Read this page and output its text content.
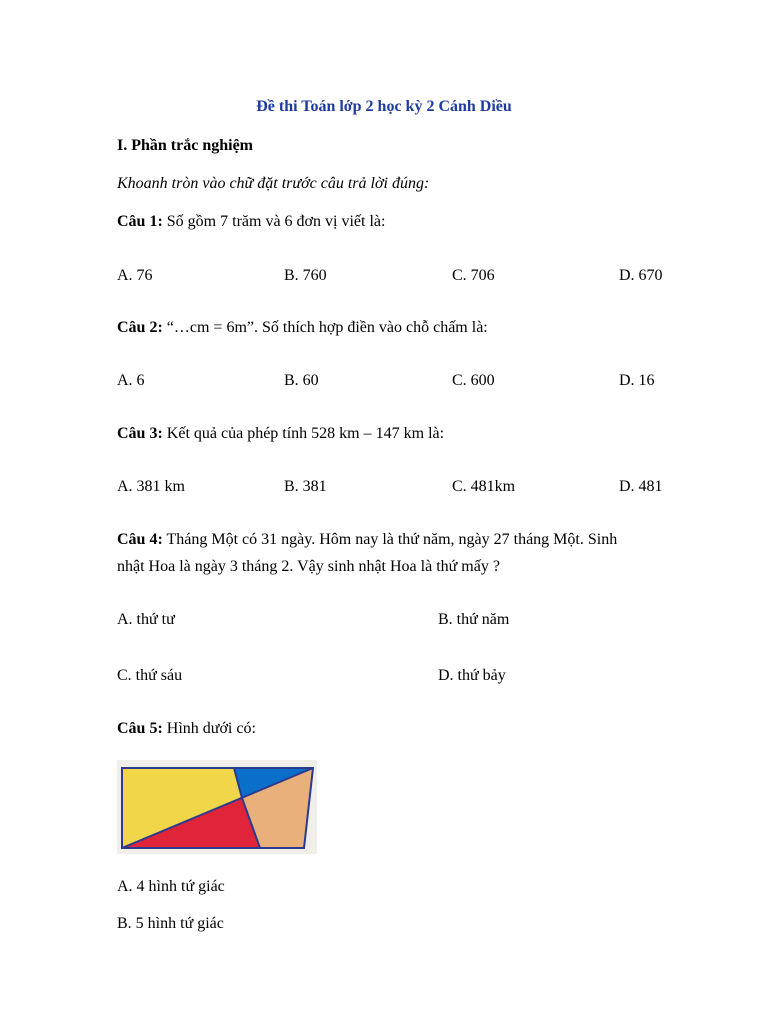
Đề thi Toán lớp 2 học kỳ 2 Cánh Diều
I. Phần trắc nghiệm
Khoanh tròn vào chữ đặt trước câu trả lời đúng:
Câu 1: Số gồm 7 trăm và 6 đơn vị viết là:
A. 76	B. 760	C. 706	D. 670
Câu 2: “…cm = 6m”. Số thích hợp điền vào chỗ chấm là:
A. 6	B. 60	C. 600	D. 16
Câu 3: Kết quả của phép tính 528 km – 147 km là:
A. 381 km	B. 381	C. 481km	D. 481
Câu 4: Tháng Một có 31 ngày. Hôm nay là thứ năm, ngày 27 tháng Một. Sinh
nhật Hoa là ngày 3 tháng 2. Vậy sinh nhật Hoa là thứ mấy ?
A. thứ tư	B. thứ năm
C. thứ sáu	D. thứ bảy
Câu 5: Hình dưới có:
A. 4 hình tứ giác
B. 5 hình tứ giác
